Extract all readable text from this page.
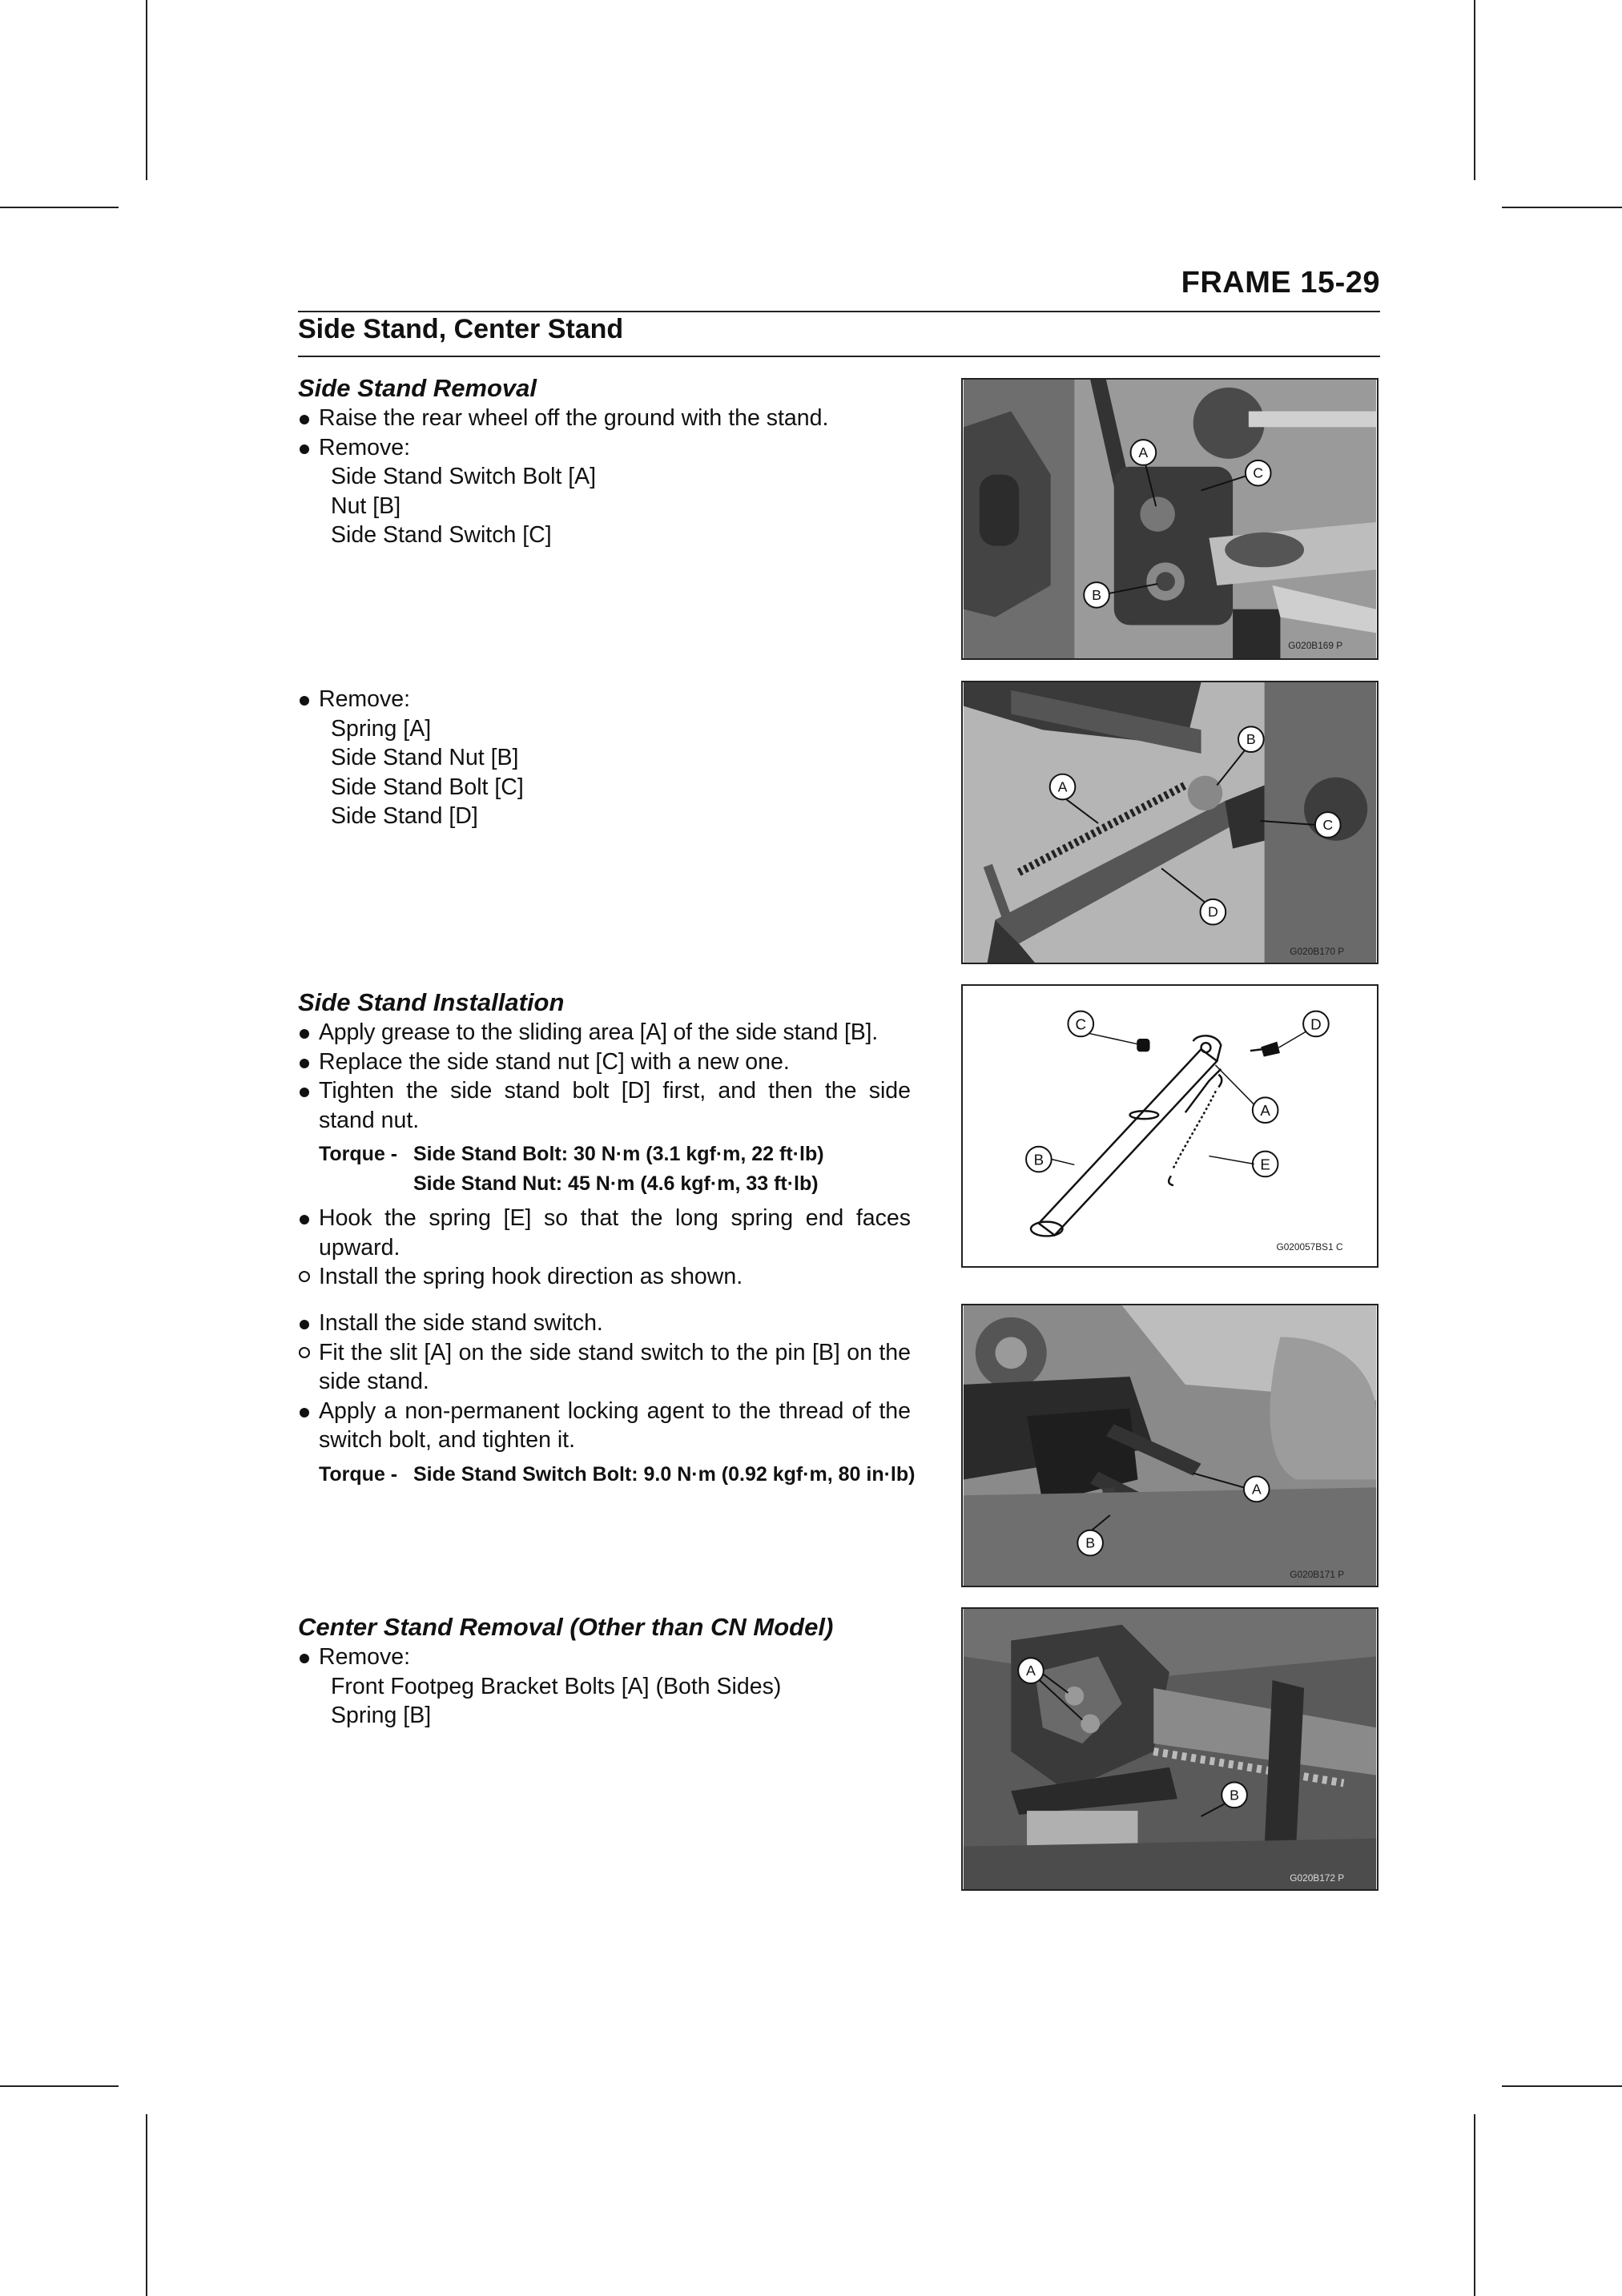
FRAME 15-29
Side Stand, Center Stand
Side Stand Removal
Raise the rear wheel off the ground with the stand.
Remove:
Side Stand Switch Bolt [A]
Nut [B]
Side Stand Switch [C]
Remove:
Spring [A]
Side Stand Nut [B]
Side Stand Bolt [C]
Side Stand [D]
Side Stand Installation
Apply grease to the sliding area [A] of the side stand [B].
Replace the side stand nut [C] with a new one.
Tighten the side stand bolt [D] first, and then the side stand nut.
Torque - Side Stand Bolt: 30 N·m (3.1 kgf·m, 22 ft·lb)
Side Stand Nut: 45 N·m (4.6 kgf·m, 33 ft·lb)
Hook the spring [E] so that the long spring end faces upward.
Install the spring hook direction as shown.
Install the side stand switch.
Fit the slit [A] on the side stand switch to the pin [B] on the side stand.
Apply a non-permanent locking agent to the thread of the switch bolt, and tighten it.
Torque - Side Stand Switch Bolt: 9.0 N·m (0.92 kgf·m, 80 in·lb)
Center Stand Removal (Other than CN Model)
Remove:
Front Footpeg Bracket Bolts [A] (Both Sides)
Spring [B]
A
B
C
G020B169 P
A
B
C
D
G020B170 P
A
B
C	D
E
G020057BS1 C
A
B
G020B171 P
A
B
G020B172 P
